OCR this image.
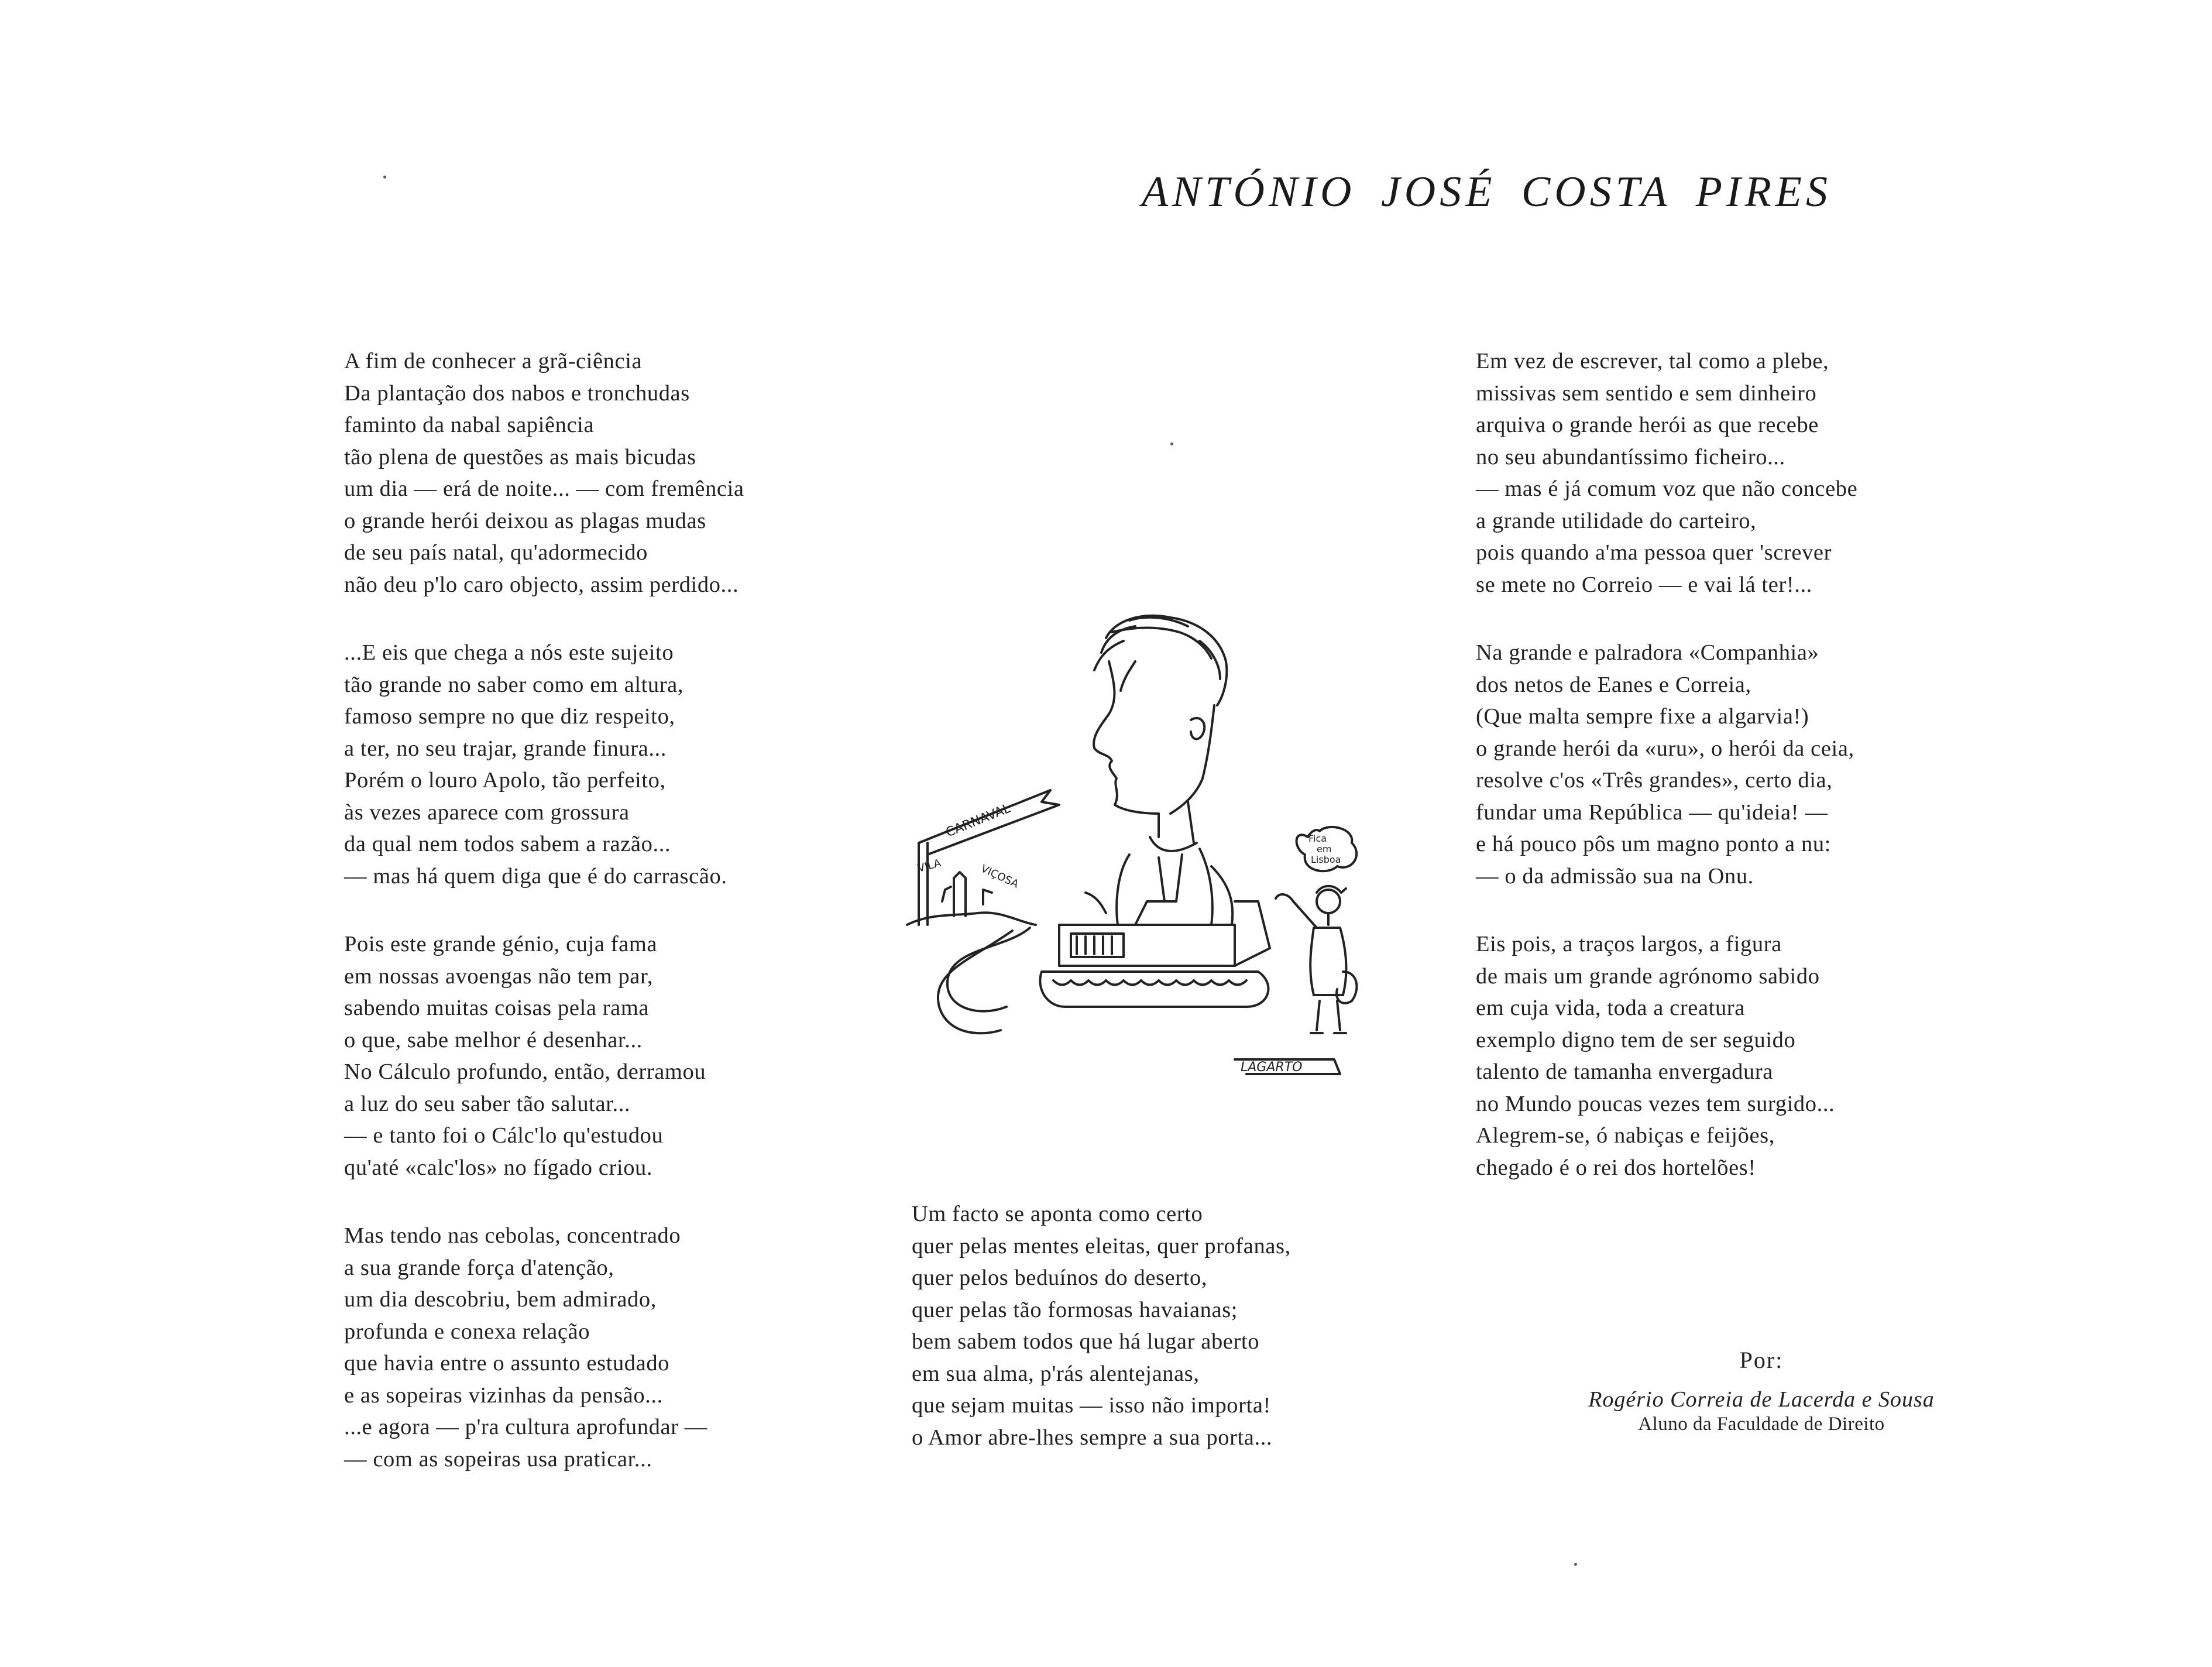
ANTÓNIO JOSÉ COSTA PIRES
A fim de conhecer a grã-ciência
Da plantação dos nabos e tronchudas
faminto da nabal sapiência
tão plena de questões as mais bicudas
um dia — erá de noite... — com fremência
o grande herói deixou as plagas mudas
de seu país natal, qu'adormecido
não deu p'lo caro objecto, assim perdido...
...E eis que chega a nós este sujeito
tão grande no saber como em altura,
famoso sempre no que diz respeito,
a ter, no seu trajar, grande finura...
Porém o louro Apolo, tão perfeito,
às vezes aparece com grossura
da qual nem todos sabem a razão...
— mas há quem diga que é do carrascão.
Pois este grande génio, cuja fama
em nossas avoengas não tem par,
sabendo muitas coisas pela rama
o que, sabe melhor é desenhar...
No Cálculo profundo, então, derramou
a luz do seu saber tão salutar...
— e tanto foi o Cálc'lo qu'estudou
qu'até «calc'los» no fígado criou.
Mas tendo nas cebolas, concentrado
a sua grande força d'atenção,
um dia descobriu, bem admirado,
profunda e conexa relação
que havia entre o assunto estudado
e as sopeiras vizinhas da pensão...
...e agora — p'ra cultura aprofundar —
— com as sopeiras usa praticar...
Em vez de escrever, tal como a plebe,
missivas sem sentido e sem dinheiro
arquiva o grande herói as que recebe
no seu abundantíssimo ficheiro...
— mas é já comum voz que não concebe
a grande utilidade do carteiro,
pois quando a'ma pessoa quer 'screver
se mete no Correio — e vai lá ter!...
Na grande e palradora «Companhia»
dos netos de Eanes e Correia,
(Que malta sempre fixe a algarvia!)
o grande herói da «uru», o herói da ceia,
resolve c'os «Três grandes», certo dia,
fundar uma República — qu'ideia! —
e há pouco pôs um magno ponto a nu:
— o da admissão sua na Onu.
Eis pois, a traços largos, a figura
de mais um grande agrónomo sabido
em cuja vida, toda a creatura
exemplo digno tem de ser seguido
talento de tamanha envergadura
no Mundo poucas vezes tem surgido...
Alegrem-se, ó nabiças e feijões,
chegado é o rei dos hortelões!
Um facto se aponta como certo
quer pelas mentes eleitas, quer profanas,
quer pelos beduínos do deserto,
quer pelas tão formosas havaianas;
bem sabem todos que há lugar aberto
em sua alma, p'rás alentejanas,
que sejam muitas — isso não importa!
o Amor abre-lhes sempre a sua porta...
CARNAVAL
VILA	VIÇOSA
Fica
em
Lisboa
LAGARTO
Por:
Rogério Correia de Lacerda e Sousa
Aluno da Faculdade de Direito
